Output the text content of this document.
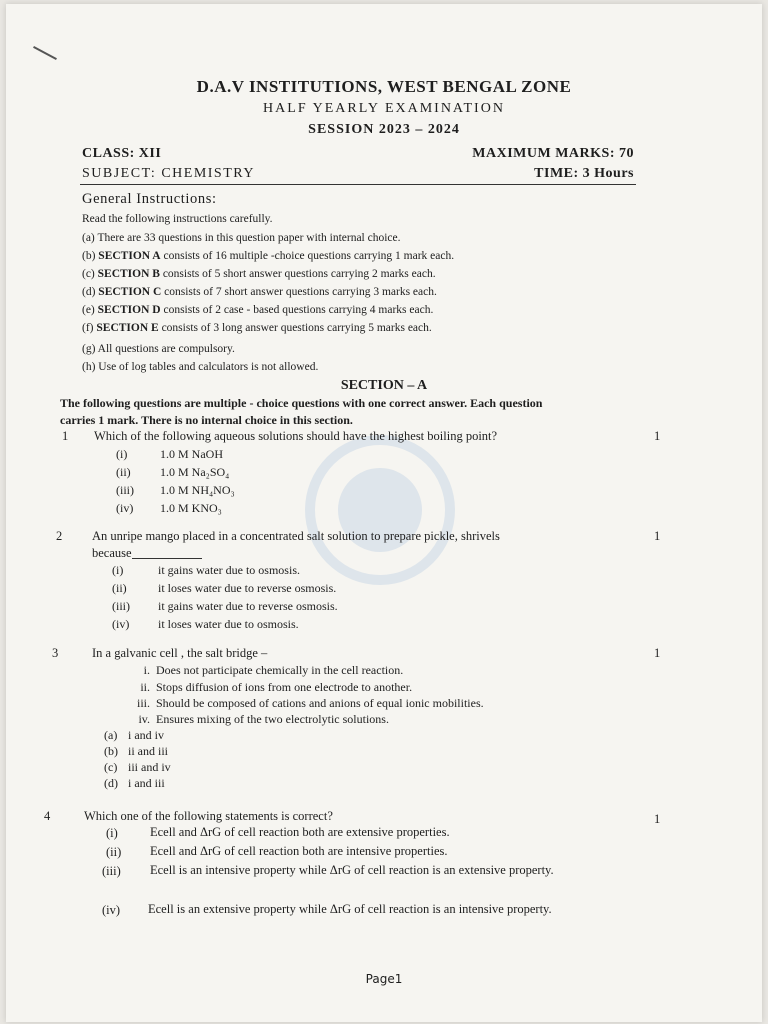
D.A.V INSTITUTIONS, WEST BENGAL ZONE
HALF YEARLY EXAMINATION
SESSION 2023 – 2024
CLASS: XII	MAXIMUM MARKS: 70
SUBJECT: CHEMISTRY	TIME: 3 Hours
General Instructions:
Read the following instructions carefully.
(a) There are 33 questions in this question paper with internal choice.
(b) SECTION A consists of 16 multiple -choice questions carrying 1 mark each.
(c) SECTION B consists of 5 short answer questions carrying 2 marks each.
(d) SECTION C consists of 7 short answer questions carrying 3 marks each.
(e) SECTION D consists of 2 case - based questions carrying 4 marks each.
(f) SECTION E consists of 3 long answer questions carrying 5 marks each.
(g) All questions are compulsory.
(h) Use of log tables and calculators is not allowed.
SECTION – A
The following questions are multiple - choice questions with one correct answer. Each question
carries 1 mark. There is no internal choice in this section.
1 Which of the following aqueous solutions should have the highest boiling point?	1
(i)	1.0 M NaOH
(ii) 1.0 M Na₂SO₄
(iii) 1.0 M NH₄NO₃
(iv) 1.0 M KNO₃
2 An unripe mango placed in a concentrated salt solution to prepare pickle, shrivels	1
because
(i)	it gains water due to osmosis.
(ii)	it loses water due to reverse osmosis.
(iii) it gains water due to reverse osmosis.
(iv) it loses water due to osmosis.
3	In a galvanic cell , the salt bridge –	1
i. Does not participate chemically in the cell reaction.
ii. Stops diffusion of ions from one electrode to another.
iii. Should be composed of cations and anions of equal ionic mobilities.
iv. Ensures mixing of the two electrolytic solutions.
(a) i and iv
(b) ii and iii
(c) iii and iv
(d) i and iii
4	Which one of the following statements is correct?	1
(i)	Ecell and ΔrG of cell reaction both are extensive properties.
(ii) Ecell and ΔrG of cell reaction both are intensive properties.
(iii) Ecell is an intensive property while ΔrG of cell reaction is an extensive property.
(iv) Ecell is an extensive property while ΔrG of cell reaction is an intensive property.
Page1
